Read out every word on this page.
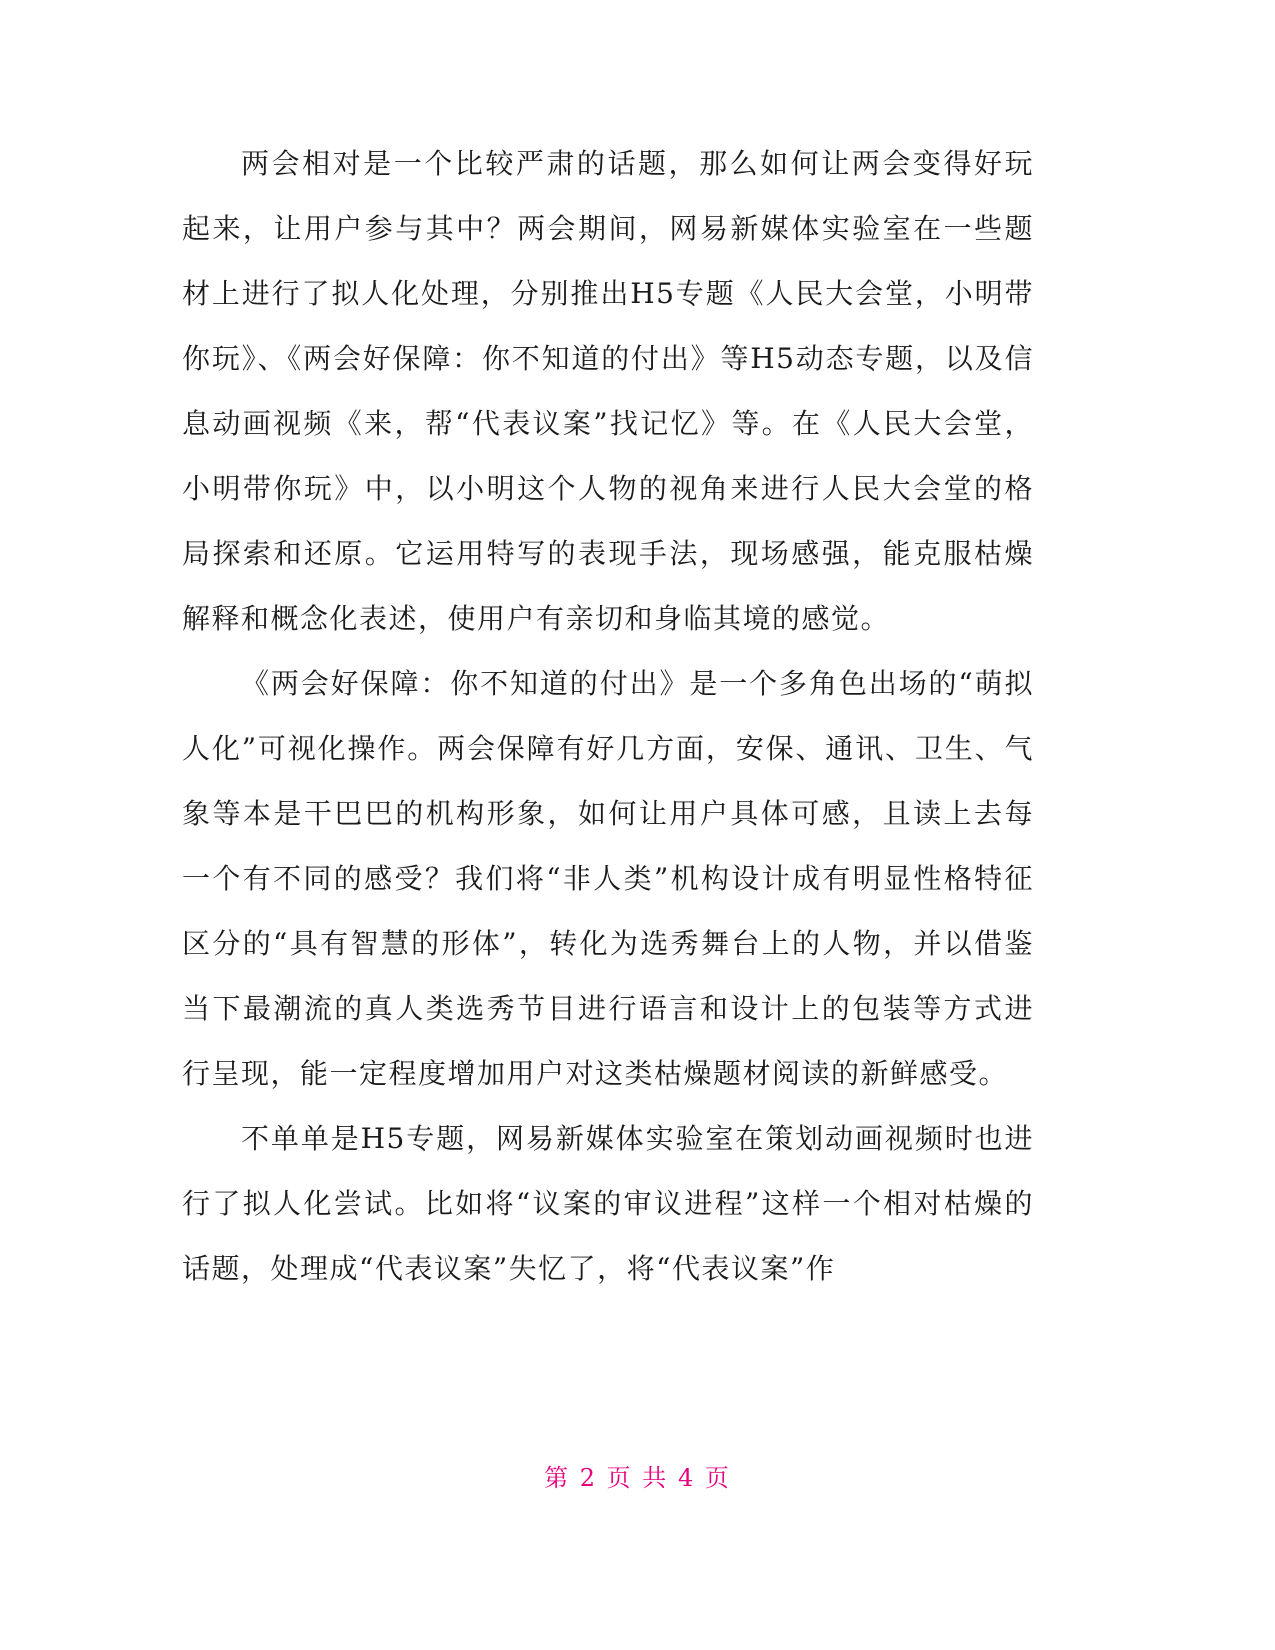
两会相对是一个比较严肃的话题，那么如何让两会变得好玩起来，让用户参与其中？两会期间，网易新媒体实验室在一些题材上进行了拟人化处理，分别推出H5专题《人民大会堂，小明带你玩》、《两会好保障：你不知道的付出》等H5动态专题，以及信息动画视频《来，帮“代表议案”找记忆》等。在《人民大会堂，小明带你玩》中，以小明这个人物的视角来进行人民大会堂的格局探索和还原。它运用特写的表现手法，现场感强，能克服枯燥解释和概念化表述，使用户有亲切和身临其境的感觉。

《两会好保障：你不知道的付出》是一个多角色出场的“萌拟人化”可视化操作。两会保障有好几方面，安保、通讯、卫生、气象等本是干巴巴的机构形象，如何让用户具体可感，且读上去每一个有不同的感受？我们将“非人类”机构设计成有明显性格特征区分的“具有智慧的形体”，转化为选秀舞台上的人物，并以借鉴当下最潮流的真人类选秀节目进行语言和设计上的包装等方式进行呈现，能一定程度增加用户对这类枯燥题材阅读的新鲜感受。

不单单是H5专题，网易新媒体实验室在策划动画视频时也进行了拟人化尝试。比如将“议案的审议进程”这样一个相对枯燥的话题，处理成“代表议案”失忆了，将“代表议案”作

第 2 页 共 4 页
